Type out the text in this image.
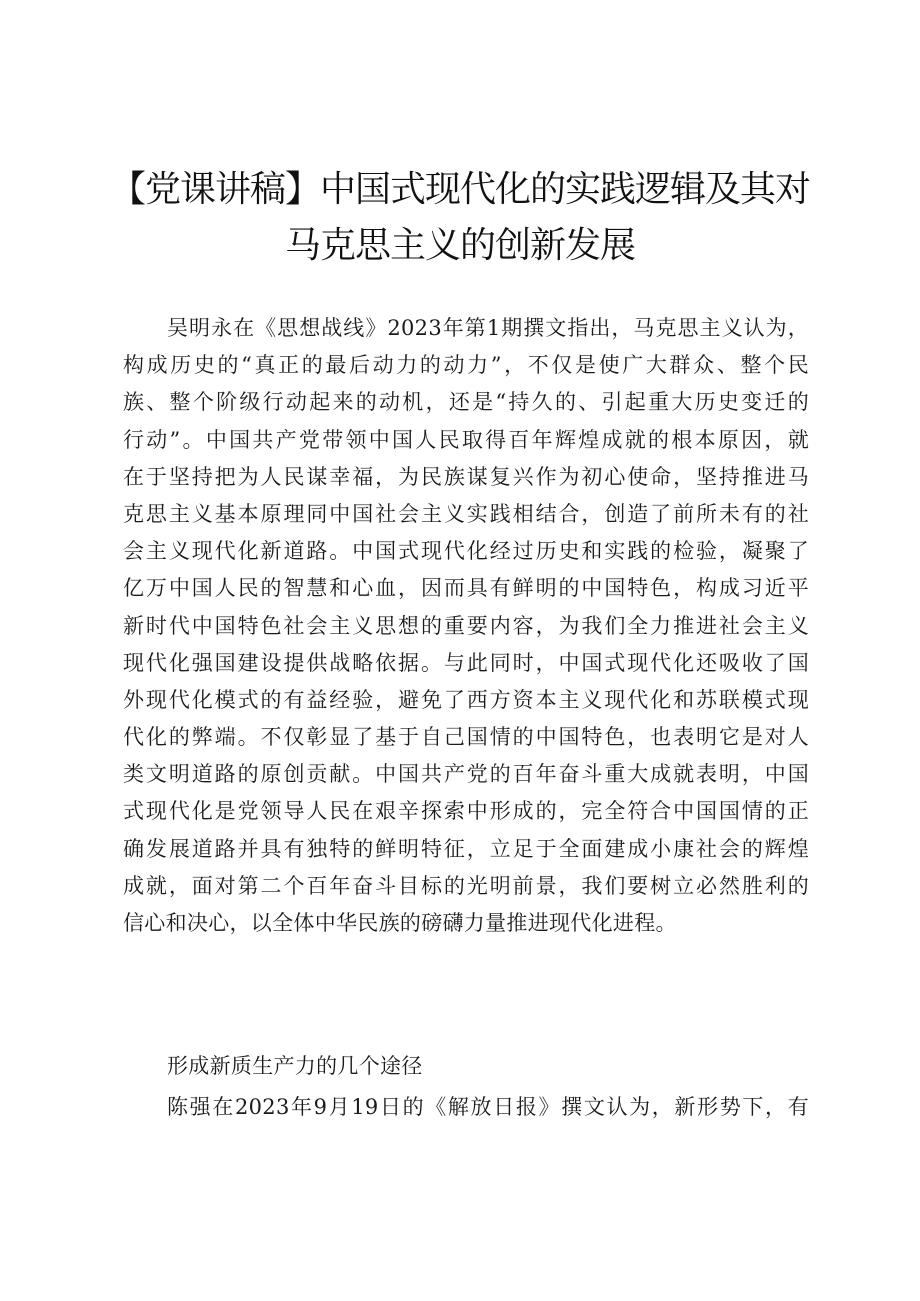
【党课讲稿】中国式现代化的实践逻辑及其对
马克思主义的创新发展
吴明永在《思想战线》2023年第1期撰文指出，马克思主义认为，
构成历史的“真正的最后动力的动力”，不仅是使广大群众、整个民
族、整个阶级行动起来的动机，还是“持久的、引起重大历史变迁的
行动”。中国共产党带领中国人民取得百年辉煌成就的根本原因，就
在于坚持把为人民谋幸福，为民族谋复兴作为初心使命，坚持推进马
克思主义基本原理同中国社会主义实践相结合，创造了前所未有的社
会主义现代化新道路。中国式现代化经过历史和实践的检验，凝聚了
亿万中国人民的智慧和心血，因而具有鲜明的中国特色，构成习近平
新时代中国特色社会主义思想的重要内容，为我们全力推进社会主义
现代化强国建设提供战略依据。与此同时，中国式现代化还吸收了国
外现代化模式的有益经验，避免了西方资本主义现代化和苏联模式现
代化的弊端。不仅彰显了基于自己国情的中国特色，也表明它是对人
类文明道路的原创贡献。中国共产党的百年奋斗重大成就表明，中国
式现代化是党领导人民在艰辛探索中形成的，完全符合中国国情的正
确发展道路并具有独特的鲜明特征，立足于全面建成小康社会的辉煌
成就，面对第二个百年奋斗目标的光明前景，我们要树立必然胜利的
信心和决心，以全体中华民族的磅礴力量推进现代化进程。
形成新质生产力的几个途径
陈强在2023年9月19日的《解放日报》撰文认为，新形势下，有
